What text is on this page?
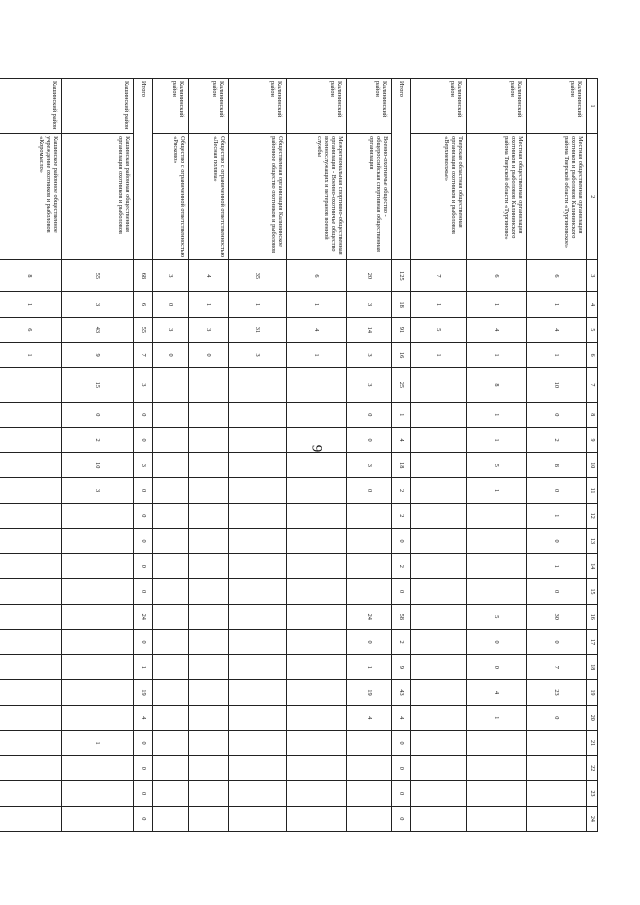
9
1	2	3	4	5	6	7	8	9	10	11	12	13	14	15	16	17	18	19	20	21	22	23	24
Калининский район	Местная общественная организация охотников и рыболовов Калининского района Тверской области «Тургиновское»	6	1	4	1	10	0	2	8	0	1	0	1	0	30	0	7	23	0				
Калининский район	Местная общественная организация охотников и рыболовов Калининского района Тверской области «Тургиново»	6	1	4	1	8	1	1	5	1					5	0	0	4	1				
Калининский район	Тверская областная общественная организация охотников и рыболовов «Верхневолжье»	7	1	5	1																		
Итого		125	18	91	16	25	1	4	18	2	2	0	2	0	58	2	9	43	4	0	0	0	0
Калининский район	Военно-охотничье общество - общероссийская спортивная общественная организация	20	3	14	3	3	0	0	3	0					24	0	1	19	4				
Калининский район	Межрегиональная спортивно-общественная организация - Военно-охотничье общество военнослужащих и ветеранов военной службы	6	1	4	1																		
Калининский район	Общественная организация Калининское районное общество охотников и рыболовов	35	1	31	3																		
Калининский район	Общество с ограниченной ответственностью «Лесная поляна»	4	1	3	0																		
Калининский район	Общество с ограниченной ответственностью «Рясково»	3	0	3	0																		
Итого		68	6	55	7	3	0	0	3	0	0	0	0	0	24	0	1	19	4	0	0	0	0
Кашинский район	Кашинская районная общественная организация охотников и рыболовов	55	3	43	9	15	0	2	10	3										1			
Кашинский район	Кашинское районное общественное учреждение охотников и рыболовов «Коромысло»	8	1	6	1																		
